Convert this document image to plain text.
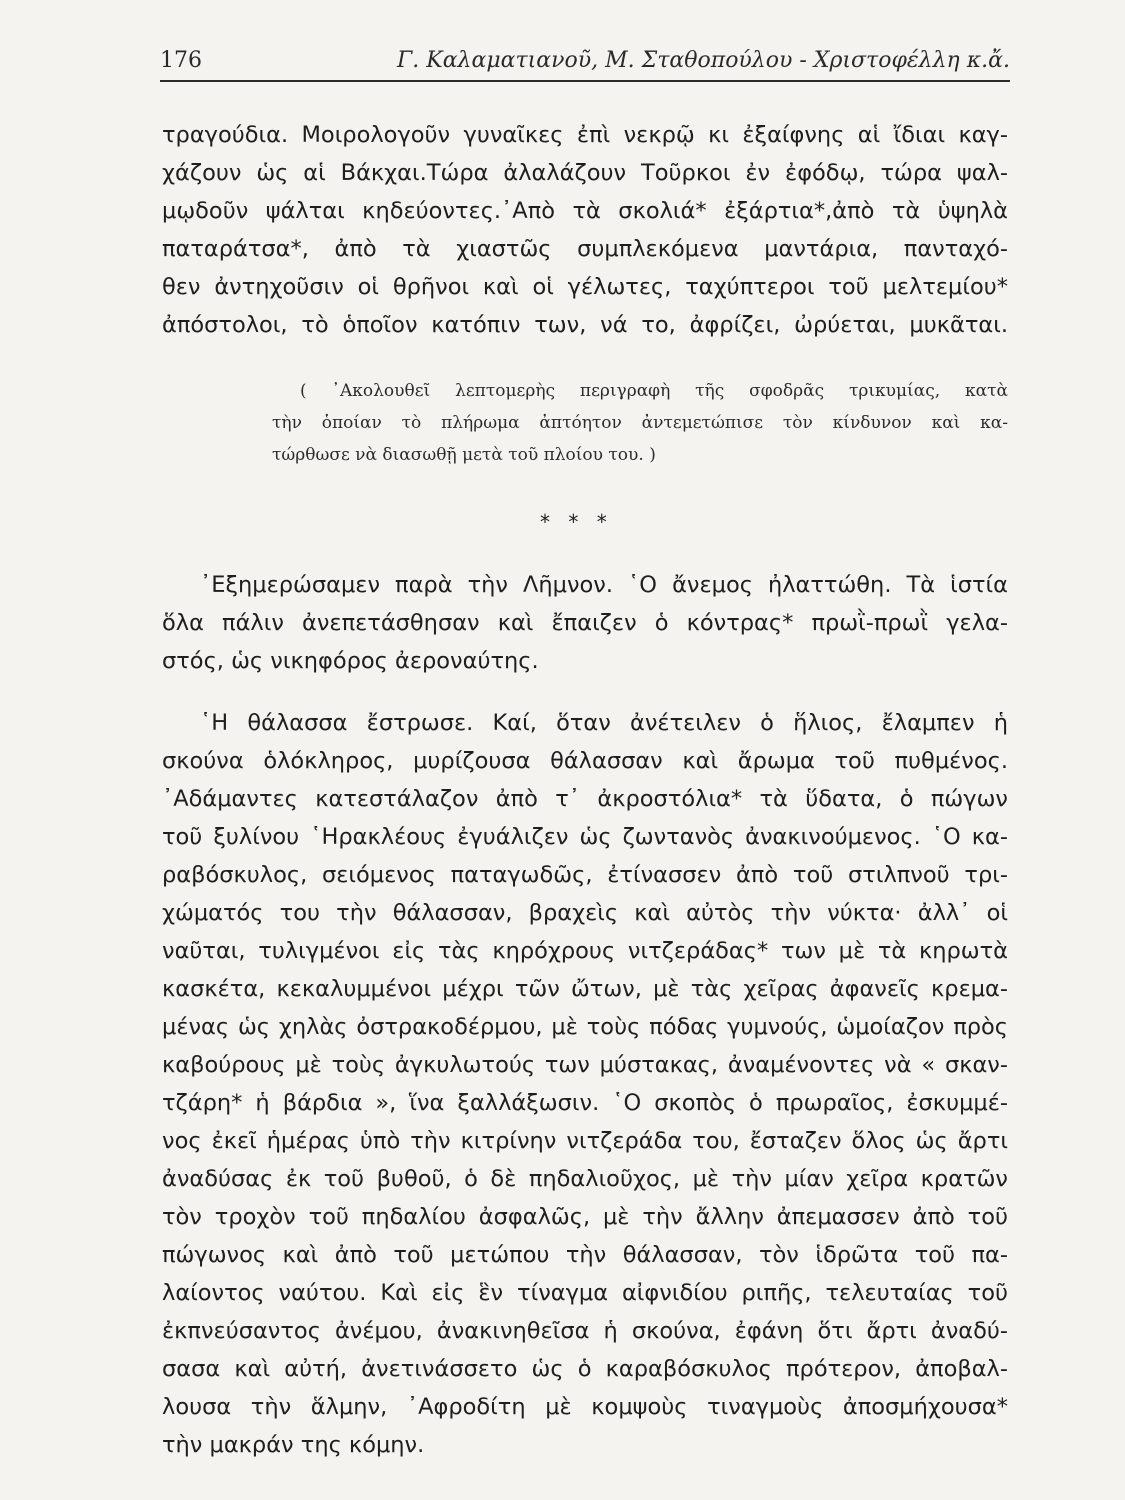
176	Γ. Καλαματιανοῦ, Μ. Σταθοπούλου - Χριστοφέλλη κ.ἄ.
τραγούδια. Μοιρολογοῦν γυναῖκες ἐπὶ νεκρῷ κι ἐξαίφνης αἱ ἴδιαι καγ-
χάζουν ὡς αἱ Βάκχαι.Τώρα ἀλαλάζουν Τοῦρκοι ἐν ἐφόδῳ, τώρα ψαλ-
μῳδοῦν ψάλται κηδεύοντες.᾿Απὸ τὰ σκολιά* ἐξάρτια*,ἀπὸ τὰ ὑψηλὰ
παταράτσα*, ἀπὸ τὰ χιαστῶς συμπλεκόμενα μαντάρια, πανταχό-
θεν ἀντηχοῦσιν οἱ θρῆνοι καὶ οἱ γέλωτες, ταχύπτεροι τοῦ μελτεμίου*
ἀπόστολοι, τὸ ὁποῖον κατόπιν των, νά το, ἀφρίζει, ὠρύεται, μυκᾶται.
( ᾿Ακολουθεῖ λεπτομερὴς περιγραφὴ τῆς σφοδρᾶς τρικυμίας, κατὰ
τὴν ὁποίαν τὸ πλήρωμα ἀπτόητον ἀντεμετώπισε τὸν κίνδυνον καὶ κα-
τώρθωσε νὰ διασωθῇ μετὰ τοῦ πλοίου του. )
* * *
᾿Εξημερώσαμεν παρὰ τὴν Λῆμνον. ῾Ο ἄνεμος ἠλαττώθη. Τὰ ἱστία
ὅλα πάλιν ἀνεπετάσθησαν καὶ ἔπαιζεν ὁ κόντρας* πρωῒ-πρωῒ γελα-
στός, ὡς νικηφόρος ἀεροναύτης.
῾Η θάλασσα ἔστρωσε. Καί, ὅταν ἀνέτειλεν ὁ ἥλιος, ἔλαμπεν ἡ
σκούνα ὁλόκληρος, μυρίζουσα θάλασσαν καὶ ἄρωμα τοῦ πυθμένος.
᾿Αδάμαντες κατεστάλαζον ἀπὸ τ᾿ ἀκροστόλια* τὰ ὕδατα, ὁ πώγων
τοῦ ξυλίνου ῾Ηρακλέους ἐγυάλιζεν ὡς ζωντανὸς ἀνακινούμενος. ῾Ο κα-
ραβόσκυλος, σειόμενος παταγωδῶς, ἐτίνασσεν ἀπὸ τοῦ στιλπνοῦ τρι-
χώματός του τὴν θάλασσαν, βραχεὶς καὶ αὐτὸς τὴν νύκτα· ἀλλ᾿ οἱ
ναῦται, τυλιγμένοι εἰς τὰς κηρόχρους νιτζεράδας* των μὲ τὰ κηρωτὰ
κασκέτα, κεκαλυμμένοι μέχρι τῶν ὤτων, μὲ τὰς χεῖρας ἀφανεῖς κρεμα-
μένας ὡς χηλὰς ὀστρακοδέρμου, μὲ τοὺς πόδας γυμνούς, ὡμοίαζον πρὸς
καβούρους μὲ τοὺς ἀγκυλωτούς των μύστακας, ἀναμένοντες νὰ « σκαν-
τζάρη* ἡ βάρδια », ἵνα ξαλλάξωσιν. ῾Ο σκοπὸς ὁ πρωραῖος, ἐσκυμμέ-
νος ἐκεῖ ἡμέρας ὑπὸ τὴν κιτρίνην νιτζεράδα του, ἔσταζεν ὅλος ὡς ἄρτι
ἀναδύσας ἐκ τοῦ βυθοῦ, ὁ δὲ πηδαλιοῦχος, μὲ τὴν μίαν χεῖρα κρατῶν
τὸν τροχὸν τοῦ πηδαλίου ἀσφαλῶς, μὲ τὴν ἄλλην ἀπεμασσεν ἀπὸ τοῦ
πώγωνος καὶ ἀπὸ τοῦ μετώπου τὴν θάλασσαν, τὸν ἱδρῶτα τοῦ πα-
λαίοντος ναύτου. Καὶ εἰς ἓν τίναγμα αἰφνιδίου ριπῆς, τελευταίας τοῦ
ἐκπνεύσαντος ἀνέμου, ἀνακινηθεῖσα ἡ σκούνα, ἐφάνη ὅτι ἄρτι ἀναδύ-
σασα καὶ αὐτή, ἀνετινάσσετο ὡς ὁ καραβόσκυλος πρότερον, ἀποβαλ-
λουσα τὴν ἅλμην, ᾿Αφροδίτη μὲ κομψοὺς τιναγμοὺς ἀποσμήχουσα*
τὴν μακράν της κόμην.
